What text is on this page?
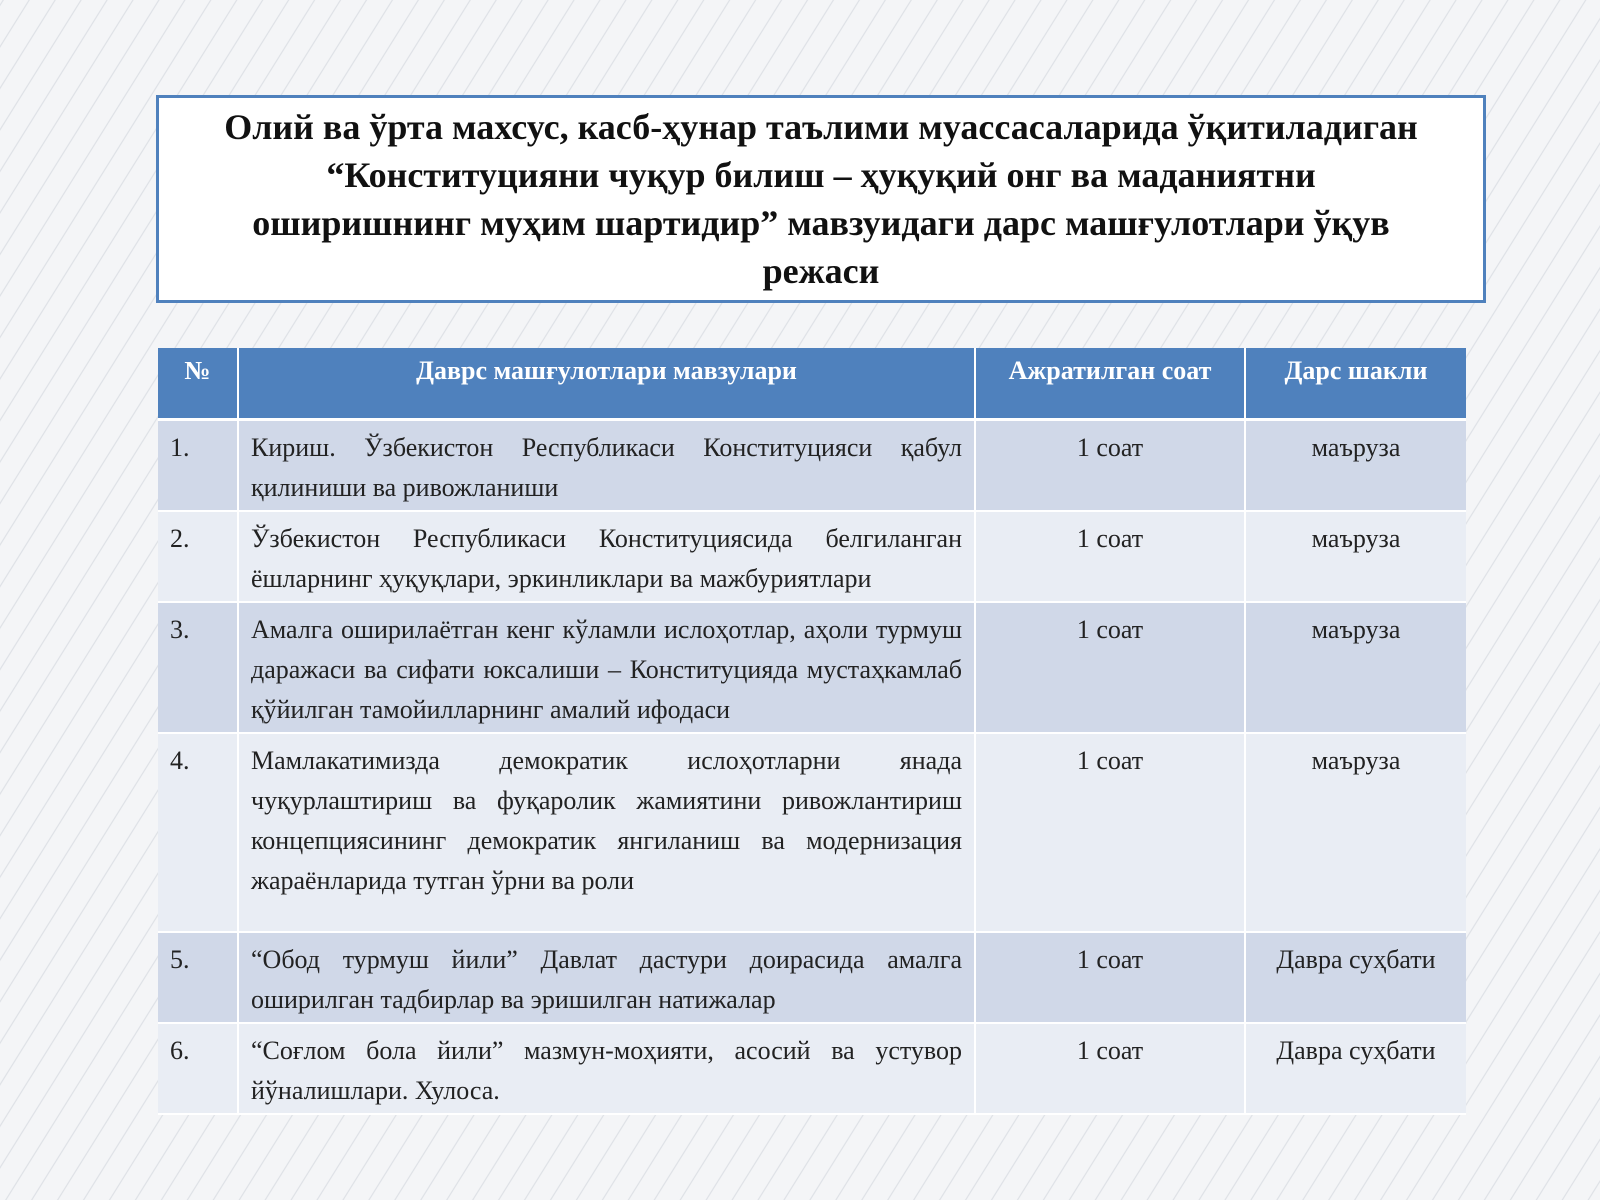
Олий ва ўрта махсус, касб-ҳунар таълими муассасаларида ўқитиладиган “Конституцияни чуқур билиш – ҳуқуқий онг ва маданиятни оширишнинг муҳим шартидир” мавзуидаги дарс машғулотлари ўқув режаси
№	Даврс машғулотлари мавзулари	Ажратилган соат	Дарс шакли
1.	Кириш. Ўзбекистон Республикаси Конституцияси қабул қилиниши ва ривожланиши	1 соат	маъруза
2.	Ўзбекистон Республикаси Конституциясида белгиланган ёшларнинг ҳуқуқлари, эркинликлари ва мажбуриятлари	1 соат	маъруза
3.	Амалга оширилаётган кенг кўламли ислоҳотлар, аҳоли турмуш даражаси ва сифати юксалиши – Конституцияда мустаҳкамлаб қўйилган тамойилларнинг амалий ифодаси	1 соат	маъруза
4.	Мамлакатимизда демократик ислоҳотларни янада чуқурлаштириш ва фуқаролик жамиятини ривожлантириш концепциясининг демократик янгиланиш ва модернизация жараёнларида тутган ўрни ва роли	1 соат	маъруза
5.	“Обод турмуш йили” Давлат дастури доирасида амалга оширилган тадбирлар ва эришилган натижалар	1 соат	Давра суҳбати
6.	“Соғлом бола йили” мазмун-моҳияти, асосий ва устувор йўналишлари. Хулоса.	1 соат	Давра суҳбати
